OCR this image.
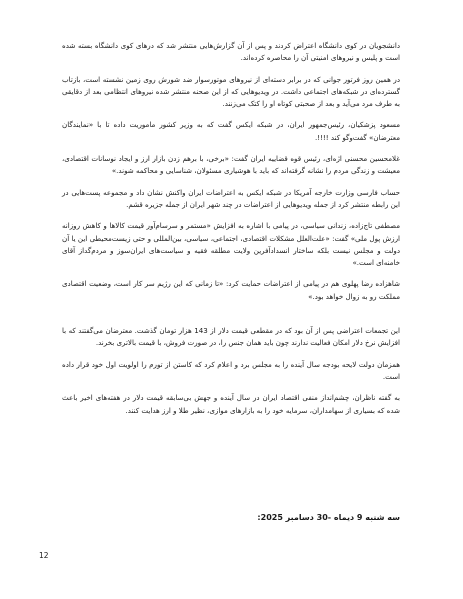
دانشجویان در کوی دانشگاه اعتراض کردند و پس از آن گزارش‌هایی منتشر شد که درهای کوی دانشگاه بسته شده است و پلیس و نیروهای امنیتی آن را محاصره کرده‌اند.

در همین روز فرتور جوانی که در برابر دسته‌ای از نیروهای موتورسوار ضد شورش روی زمین نشسته است، بازتاب گسترده‌ای در شبکه‌های اجتماعی داشت. در ویدیوهایی که از این صحنه منتشر شده نیروهای انتظامی بعد از دقایقی به طرف مرد می‌آید و بعد از صحبتی کوتاه او را کتک می‌زنند.

مسعود پزشکیان، رئیس‌جمهور ایران، در شبکه ایکس گفت که به وزیر کشور ماموریت داده تا با «نمایندگان معترضان» گفت‌وگو کند !!!!.

غلامحسین محسنی اژه‌ای، رئیس قوه قضاییه ایران گفت: «برخی، با برهم زدن بازار ارز و ایجاد نوسانات اقتصادی، معیشت و زندگی مردم را نشانه گرفته‌اند که باید با هوشیاری مسئولان، شناسایی و محاکمه شوند.»

حساب فارسی وزارت خارجه آمریکا در شبکه ایکس به اعتراضات ایران واکنش نشان داد و مجموعه پست‌هایی در این رابطه منتشر کرد از جمله ویدیوهایی از اعتراضات در چند شهر ایران از جمله جزیره قشم.

مصطفی تاج‌زاده، زندانی سیاسی، در پیامی با اشاره به افزایش «مستمر و سرسام‌آور قیمت کالاها و کاهش روزانه ارزش پول ملی» گفت: «علت‌العلل مشکلات اقتصادی، اجتماعی، سیاسی، بین‌المللی و حتی زیست‌محیطی این یا آن دولت و مجلس نیست بلکه ساختار انسدادآفرین ولایت مطلقه فقیه و سیاست‌های ایران‌سوز و مردم‌گداز آقای خامنه‌ای است.»

شاهزاده رضا پهلوی هم در پیامی از اعتراضات حمایت کرد: «تا زمانی که این رژیم سر کار است، وضعیت اقتصادی مملکت رو به زوال خواهد بود.»

این تجمعات اعتراضی پس از آن بود که در مقطعی قیمت دلار از 143 هزار تومان گذشت. معترضان می‌گفتند که با افزایش نرخ دلار امکان فعالیت ندارند چون باید همان جنس را، در صورت فروش، با قیمت بالاتری بخرند.

همزمان دولت لایحه بودجه سال آینده را به مجلس برد و اعلام کرد که کاستن از تورم را اولویت اول خود قرار داده است.

به گفته ناظران، چشم‌انداز منفی اقتصاد ایران در سال آینده و جهش بی‌سابقه قیمت دلار در هفته‌های اخیر باعث شده که بسیاری از سهامداران، سرمایه خود را به بازارهای موازی، نظیر طلا و ارز هدایت کنند.

سه شنبه 9 دیماه -30 دسامبر 2025:
12
